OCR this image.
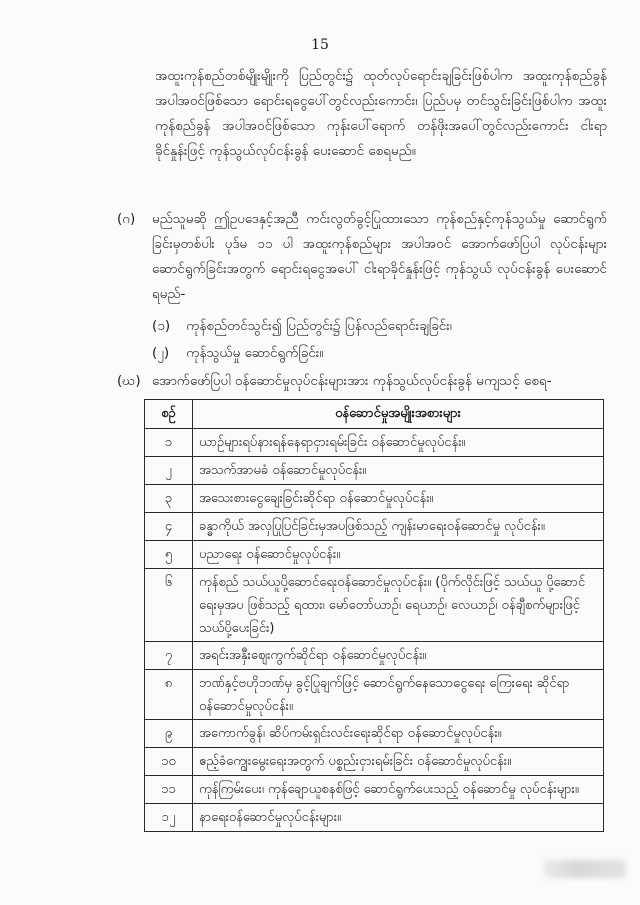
15
အထူးကုန်စည်တစ်မျိုးမျိုးကို ပြည်တွင်း၌ ထုတ်လုပ်ရောင်းချခြင်းဖြစ်ပါက အထူးကုန်စည်ခွန်အပါအဝင်ဖြစ်သော ရောင်းရငွေပေါ်တွင်လည်းကောင်း၊ ပြည်ပမှ တင်သွင်းခြင်းဖြစ်ပါက အထူးကုန်စည်ခွန် အပါအဝင်ဖြစ်သော ကုန်းပေါ်ရောက် တန်ဖိုးအပေါ်တွင်လည်းကောင်း ငါးရာခိုင်နှုန်းဖြင့် ကုန်သွယ်လုပ်ငန်းခွန် ပေးဆောင် စေရမည်။
(ဂ) မည်သူမဆို ဤဥပဒေနှင့်အညီ ကင်းလွတ်ခွင့်ပြုထားသော ကုန်စည်နှင့်ကုန်သွယ်မှု ဆောင်ရွက်ခြင်းမှတစ်ပါး ပုဒ်မ ၁၁ ပါ အထူးကုန်စည်များ အပါအဝင် အောက်ဖော်ပြပါ လုပ်ငန်းများဆောင်ရွက်ခြင်းအတွက် ရောင်းရငွေအပေါ် ငါးရာခိုင်နှုန်းဖြင့် ကုန်သွယ် လုပ်ငန်းခွန် ပေးဆောင်ရမည်-
(၁) ကုန်စည်တင်သွင်း၍ ပြည်တွင်း၌ ပြန်လည်ရောင်းချခြင်း၊
(၂) ကုန်သွယ်မှု ဆောင်ရွက်ခြင်း။
(ဃ) အောက်ဖော်ပြပါ ဝန်ဆောင်မှုလုပ်ငန်းများအား ကုန်သွယ်လုပ်ငန်းခွန် မကျသင့် စေရ-
စဉ်	ဝန်ဆောင်မှုအမျိုးအစားများ
၁	ယာဉ်များရပ်နားရန်နေရာငှားရမ်းခြင်း ဝန်ဆောင်မှုလုပ်ငန်း။
၂	အသက်အာမခံ ဝန်ဆောင်မှုလုပ်ငန်း။
၃	အသေးစားငွေချေးခြင်းဆိုင်ရာ ဝန်ဆောင်မှုလုပ်ငန်း။
၄	ခန္ဓာကိုယ် အလှပြုပြင်ခြင်းမှအပဖြစ်သည့် ကျန်းမာရေးဝန်ဆောင်မှု လုပ်ငန်း။
၅	ပညာရေး ဝန်ဆောင်မှုလုပ်ငန်း။
၆	ကုန်စည် သယ်ယူပို့ဆောင်ရေးဝန်ဆောင်မှုလုပ်ငန်း။ (ပိုက်လိုင်းဖြင့် သယ်ယူ ပို့ဆောင်ရေးမှအပ ဖြစ်သည့် ရထား၊ မော်တော်ယာဉ်၊ ရေယာဉ်၊ လေယာဉ်၊ ဝန်ချီစက်များဖြင့် သယ်ပို့ပေးခြင်း)
၇	အရင်းအနှီး‌ဈေးကွက်ဆိုင်ရာ ဝန်ဆောင်မှုလုပ်ငန်း။
၈	ဘဏ်နှင့်ဗဟိုဘဏ်မှ ခွင့်ပြုချက်ဖြင့် ဆောင်ရွက်နေသောငွေရေး ကြေးရေး ဆိုင်ရာ ဝန်ဆောင်မှုလုပ်ငန်း။
၉	အကောက်ခွန်၊ ဆိပ်ကမ်းရှင်းလင်းရေးဆိုင်ရာ ဝန်ဆောင်မှုလုပ်ငန်း။
၁၀	ဧည့်ခံကျွေးမွေးရေးအတွက် ပစ္စည်းငှားရမ်းခြင်း ဝန်ဆောင်မှုလုပ်ငန်း။
၁၁	ကုန်ကြမ်းပေး၊ ကုန်ချောယူစနစ်ဖြင့် ဆောင်ရွက်ပေးသည့် ဝန်ဆောင်မှု လုပ်ငန်းများ။
၁၂	နာရေးဝန်ဆောင်မှုလုပ်ငန်းများ။
